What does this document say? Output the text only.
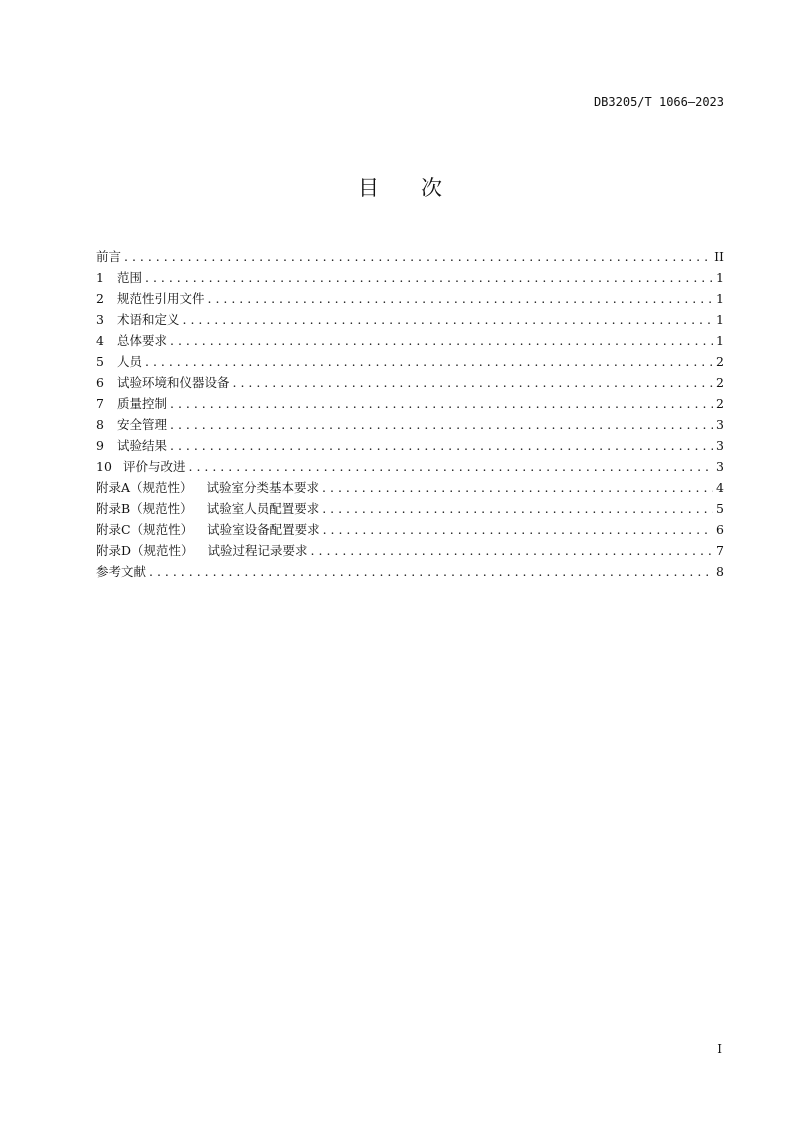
DB3205/T 1066—2023
目次
前言 . . .	II
1	范围 . . .	1
2	规范性引用文件 . . .	1
3	术语和定义 . . .	1
4	总体要求 . . .	1
5	人员 . . .	2
6	试验环境和仪器设备 . . .	2
7	质量控制 . . .	2
8	安全管理 . . .	3
9	试验结果 . . .	3
10 评价与改进 . . .	3
附录A（规范性） 试验室分类基本要求 . . .	4
附录B（规范性） 试验室人员配置要求 . . .	5
附录C（规范性） 试验室设备配置要求 . . .	6
附录D（规范性） 试验过程记录要求 . . .	7
参考文献 . . .	8
I
